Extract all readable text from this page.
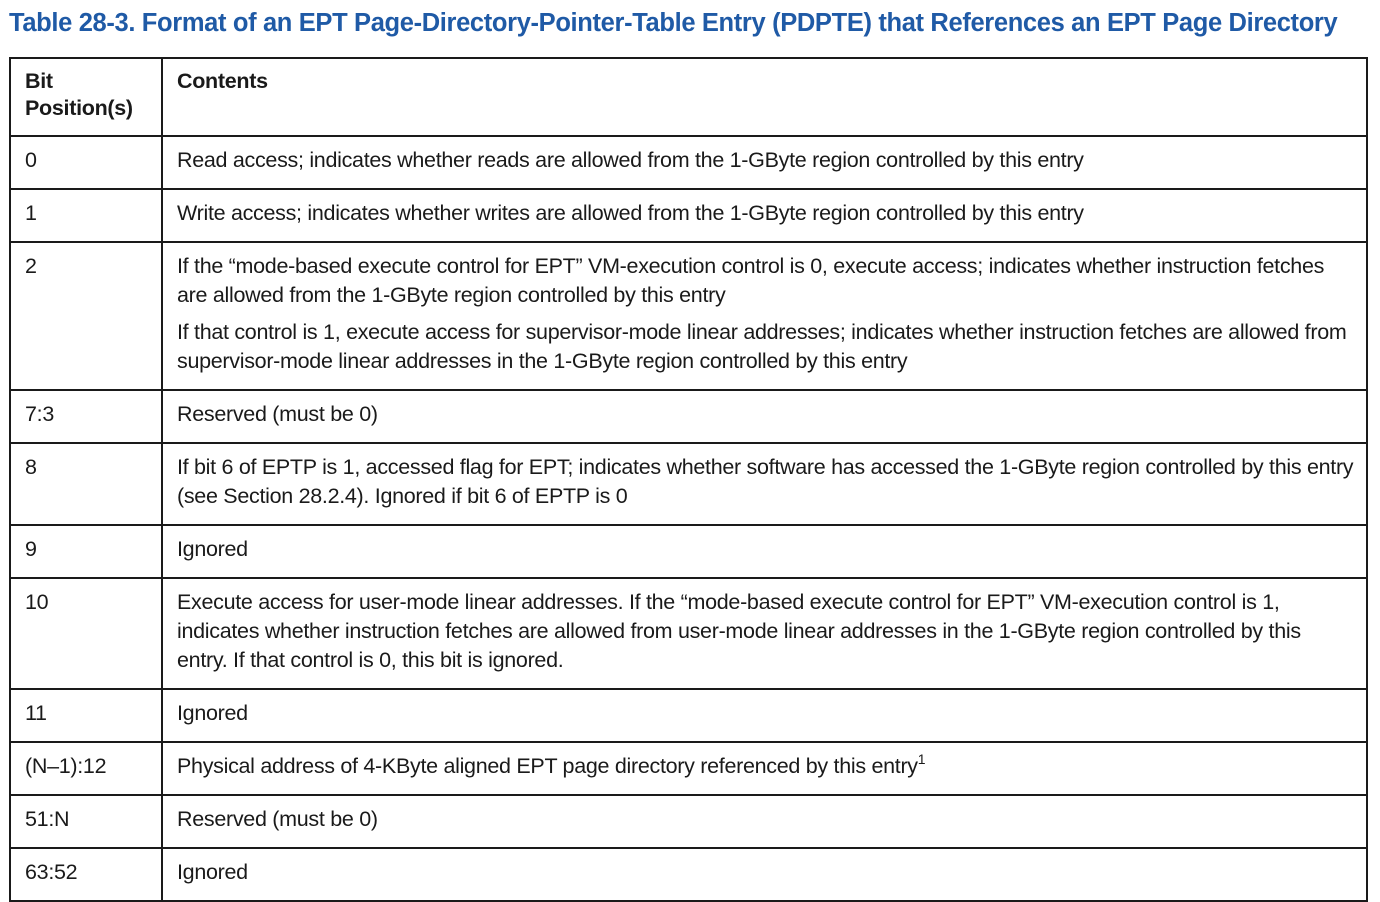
Table 28-3. Format of an EPT Page-Directory-Pointer-Table Entry (PDPTE) that References an EPT Page Directory
Bit
Position(s)	Contents
0	Read access; indicates whether reads are allowed from the 1-GByte region controlled by this entry

1	Write access; indicates whether writes are allowed from the 1-GByte region controlled by this entry

2	If the “mode-based execute control for EPT” VM-execution control is 0, execute access; indicates whether instruction fetches are allowed from the 1-GByte region controlled by this entry

If that control is 1, execute access for supervisor-mode linear addresses; indicates whether instruction fetches are allowed from supervisor-mode linear addresses in the 1-GByte region controlled by this entry

7:3	Reserved (must be 0)

8	If bit 6 of EPTP is 1, accessed flag for EPT; indicates whether software has accessed the 1-GByte region controlled by this entry (see Section 28.2.4). Ignored if bit 6 of EPTP is 0

9	Ignored

10	Execute access for user-mode linear addresses. If the “mode-based execute control for EPT” VM-execution control is 1, indicates whether instruction fetches are allowed from user-mode linear addresses in the 1-GByte region controlled by this entry. If that control is 0, this bit is ignored.

11	Ignored

(N–1):12	Physical address of 4-KByte aligned EPT page directory referenced by this entry$^1$

51:N	Reserved (must be 0)

63:52	Ignored
